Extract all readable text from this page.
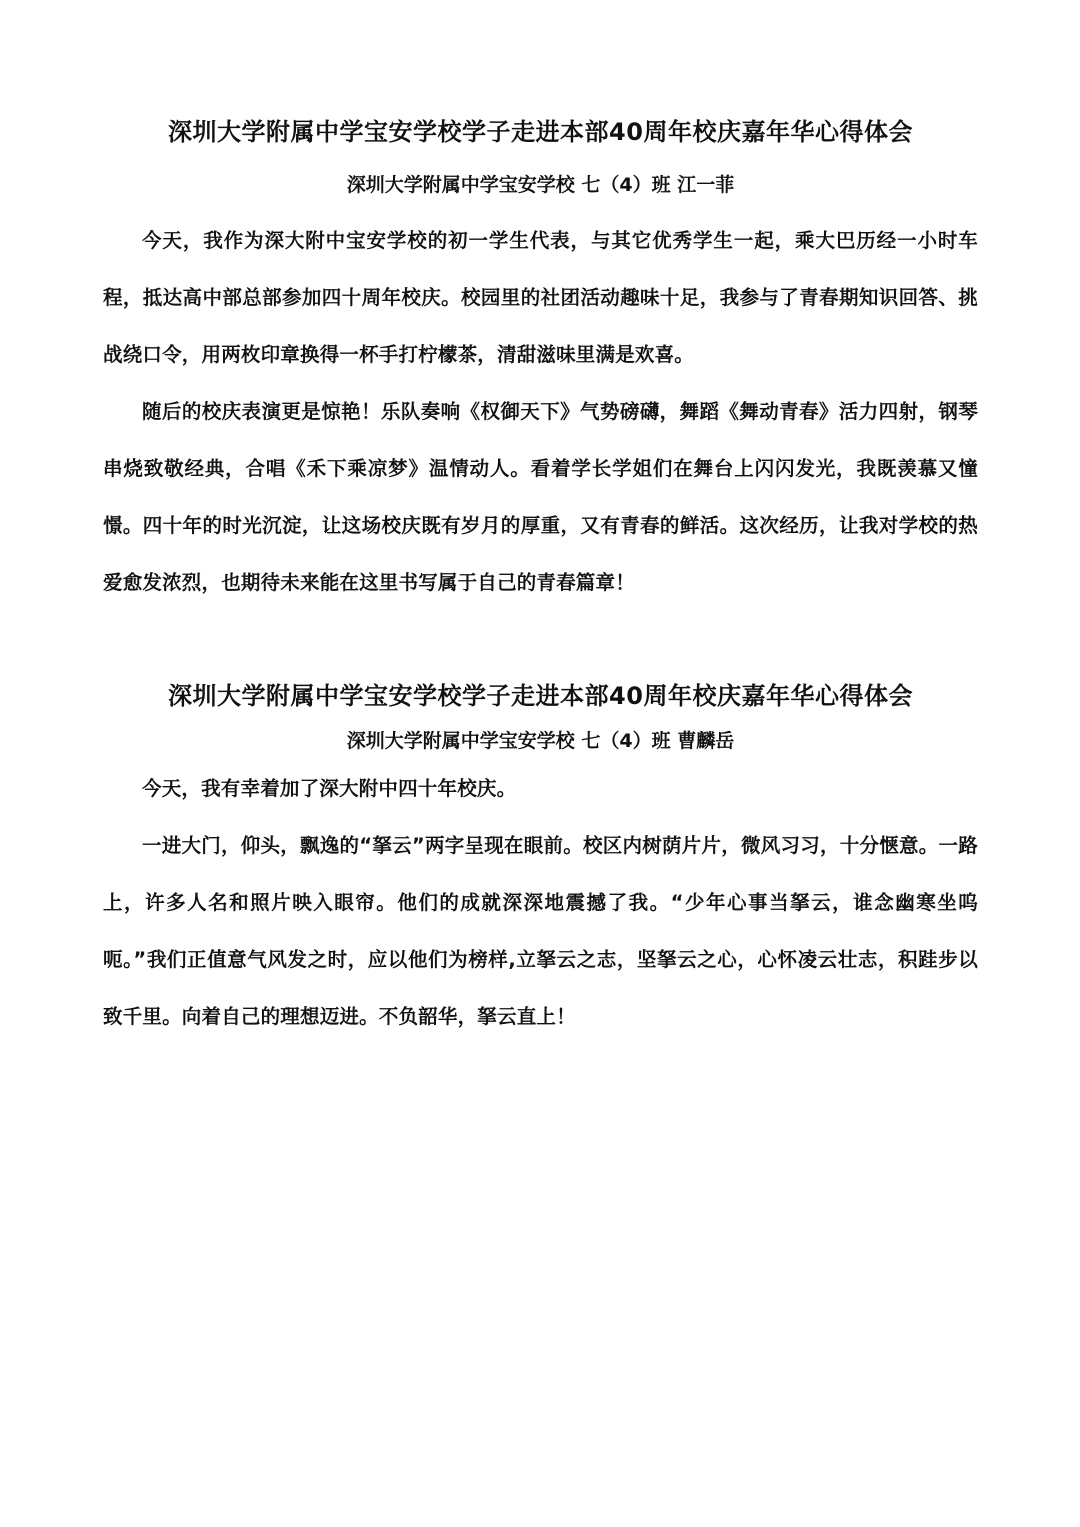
深圳大学附属中学宝安学校学子走进本部40周年校庆嘉年华心得体会
深圳大学附属中学宝安学校 七（4）班 江一菲

今天，我作为深大附中宝安学校的初一学生代表，与其它优秀学生一起，乘大巴历经一小时车程，抵达高中部总部参加四十周年校庆。校园里的社团活动趣味十足，我参与了青春期知识回答、挑战绕口令，用两枚印章换得一杯手打柠檬茶，清甜滋味里满是欢喜。

随后的校庆表演更是惊艳！乐队奏响《权御天下》气势磅礴，舞蹈《舞动青春》活力四射，钢琴串烧致敬经典，合唱《禾下乘凉梦》温情动人。看着学长学姐们在舞台上闪闪发光，我既羡慕又憧憬。四十年的时光沉淀，让这场校庆既有岁月的厚重，又有青春的鲜活。这次经历，让我对学校的热爱愈发浓烈，也期待未来能在这里书写属于自己的青春篇章！

深圳大学附属中学宝安学校学子走进本部40周年校庆嘉年华心得体会
深圳大学附属中学宝安学校 七（4）班 曹麟岳

今天，我有幸着加了深大附中四十年校庆。

一进大门，仰头，飘逸的“拏云”两字呈现在眼前。校区内树荫片片，微风习习，十分惬意。一路上，许多人名和照片映入眼帘。他们的成就深深地震撼了我。“少年心事当拏云，谁念幽寒坐呜呃。”我们正值意气风发之时，应以他们为榜样,立拏云之志，坚拏云之心，心怀凌云壮志，积跬步以致千里。向着自己的理想迈进。不负韶华，拏云直上！
